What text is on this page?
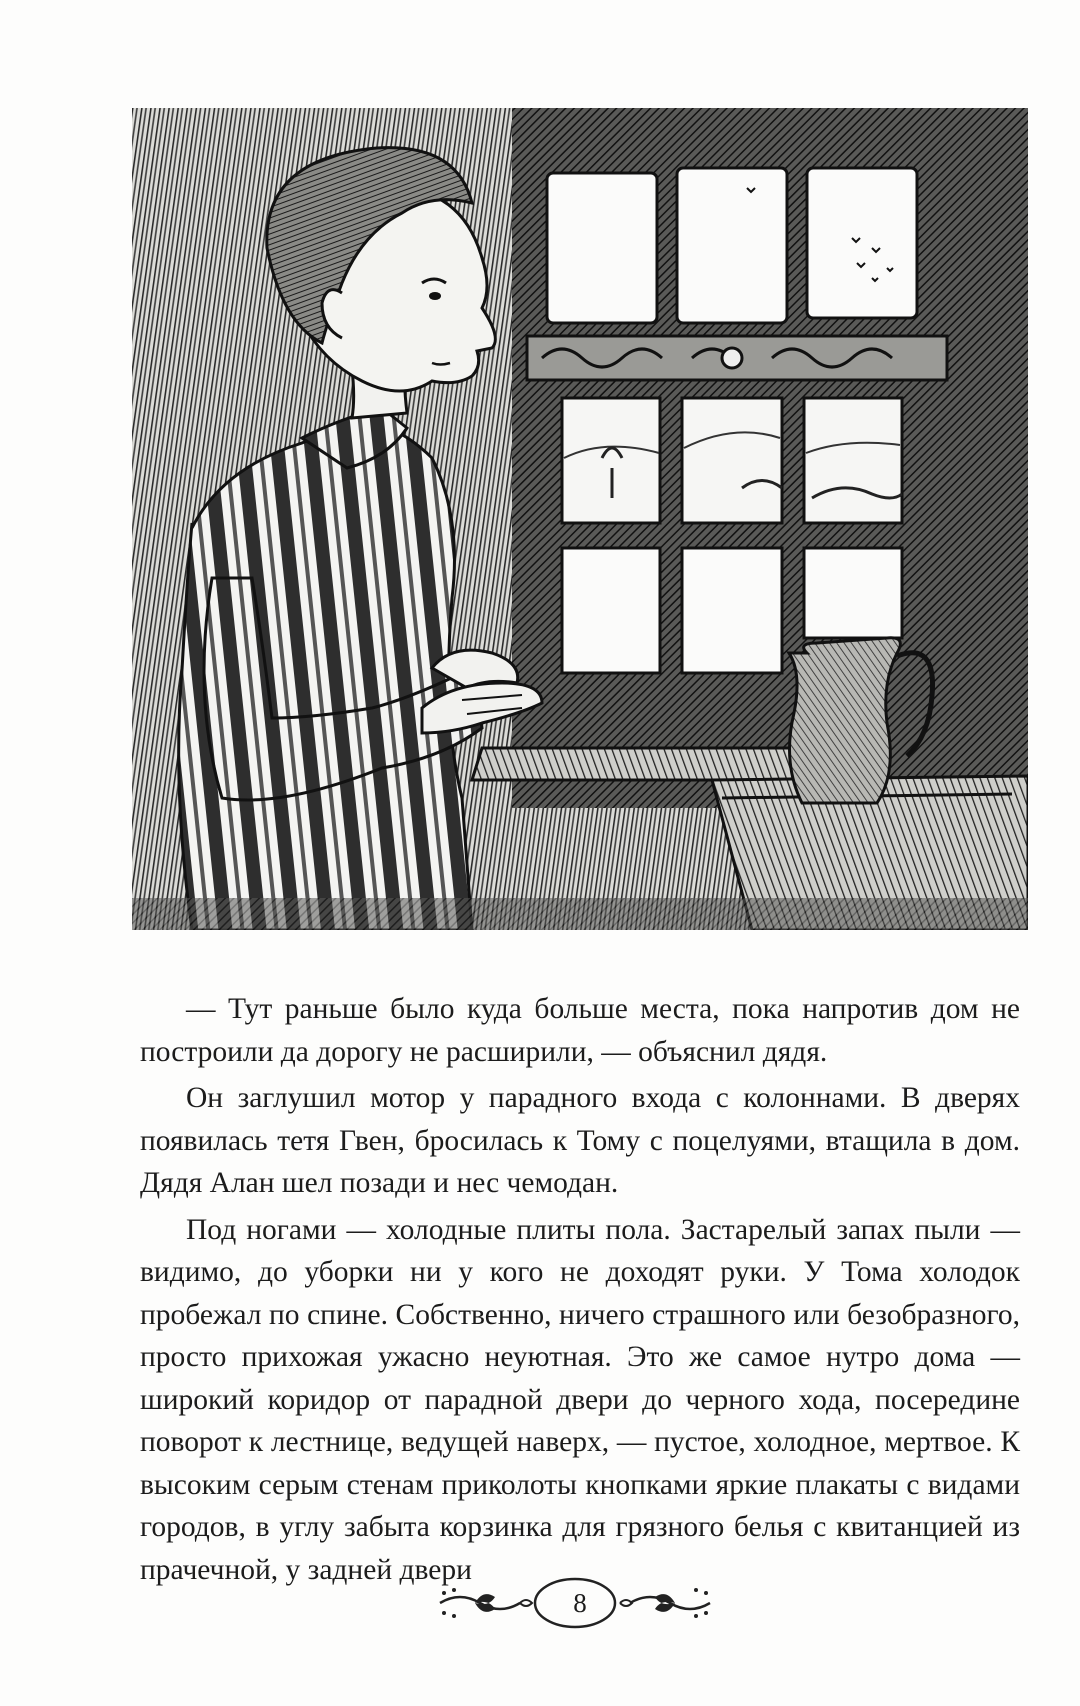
— Тут раньше было куда больше места, пока напротив дом не построили да дорогу не расширили, — объяснил дядя.

Он заглушил мотор у парадного входа с колоннами. В дверях появилась тетя Гвен, бросилась к Тому с поцелуями, втащила в дом. Дядя Алан шел позади и нес чемодан.

Под ногами — холодные плиты пола. Застарелый запах пыли — видимо, до уборки ни у кого не доходят руки. У Тома холодок пробежал по спине. Собственно, ничего страшного или безобразного, просто прихожая ужасно неуютная. Это же самое нутро дома — широкий коридор от парадной двери до черного хода, посередине поворот к лестнице, ведущей наверх, — пустое, холодное, мертвое. К высоким серым стенам приколоты кнопками яркие плакаты с видами городов, в углу забыта корзинка для грязного белья с квитанцией из прачечной, у задней двери

8
